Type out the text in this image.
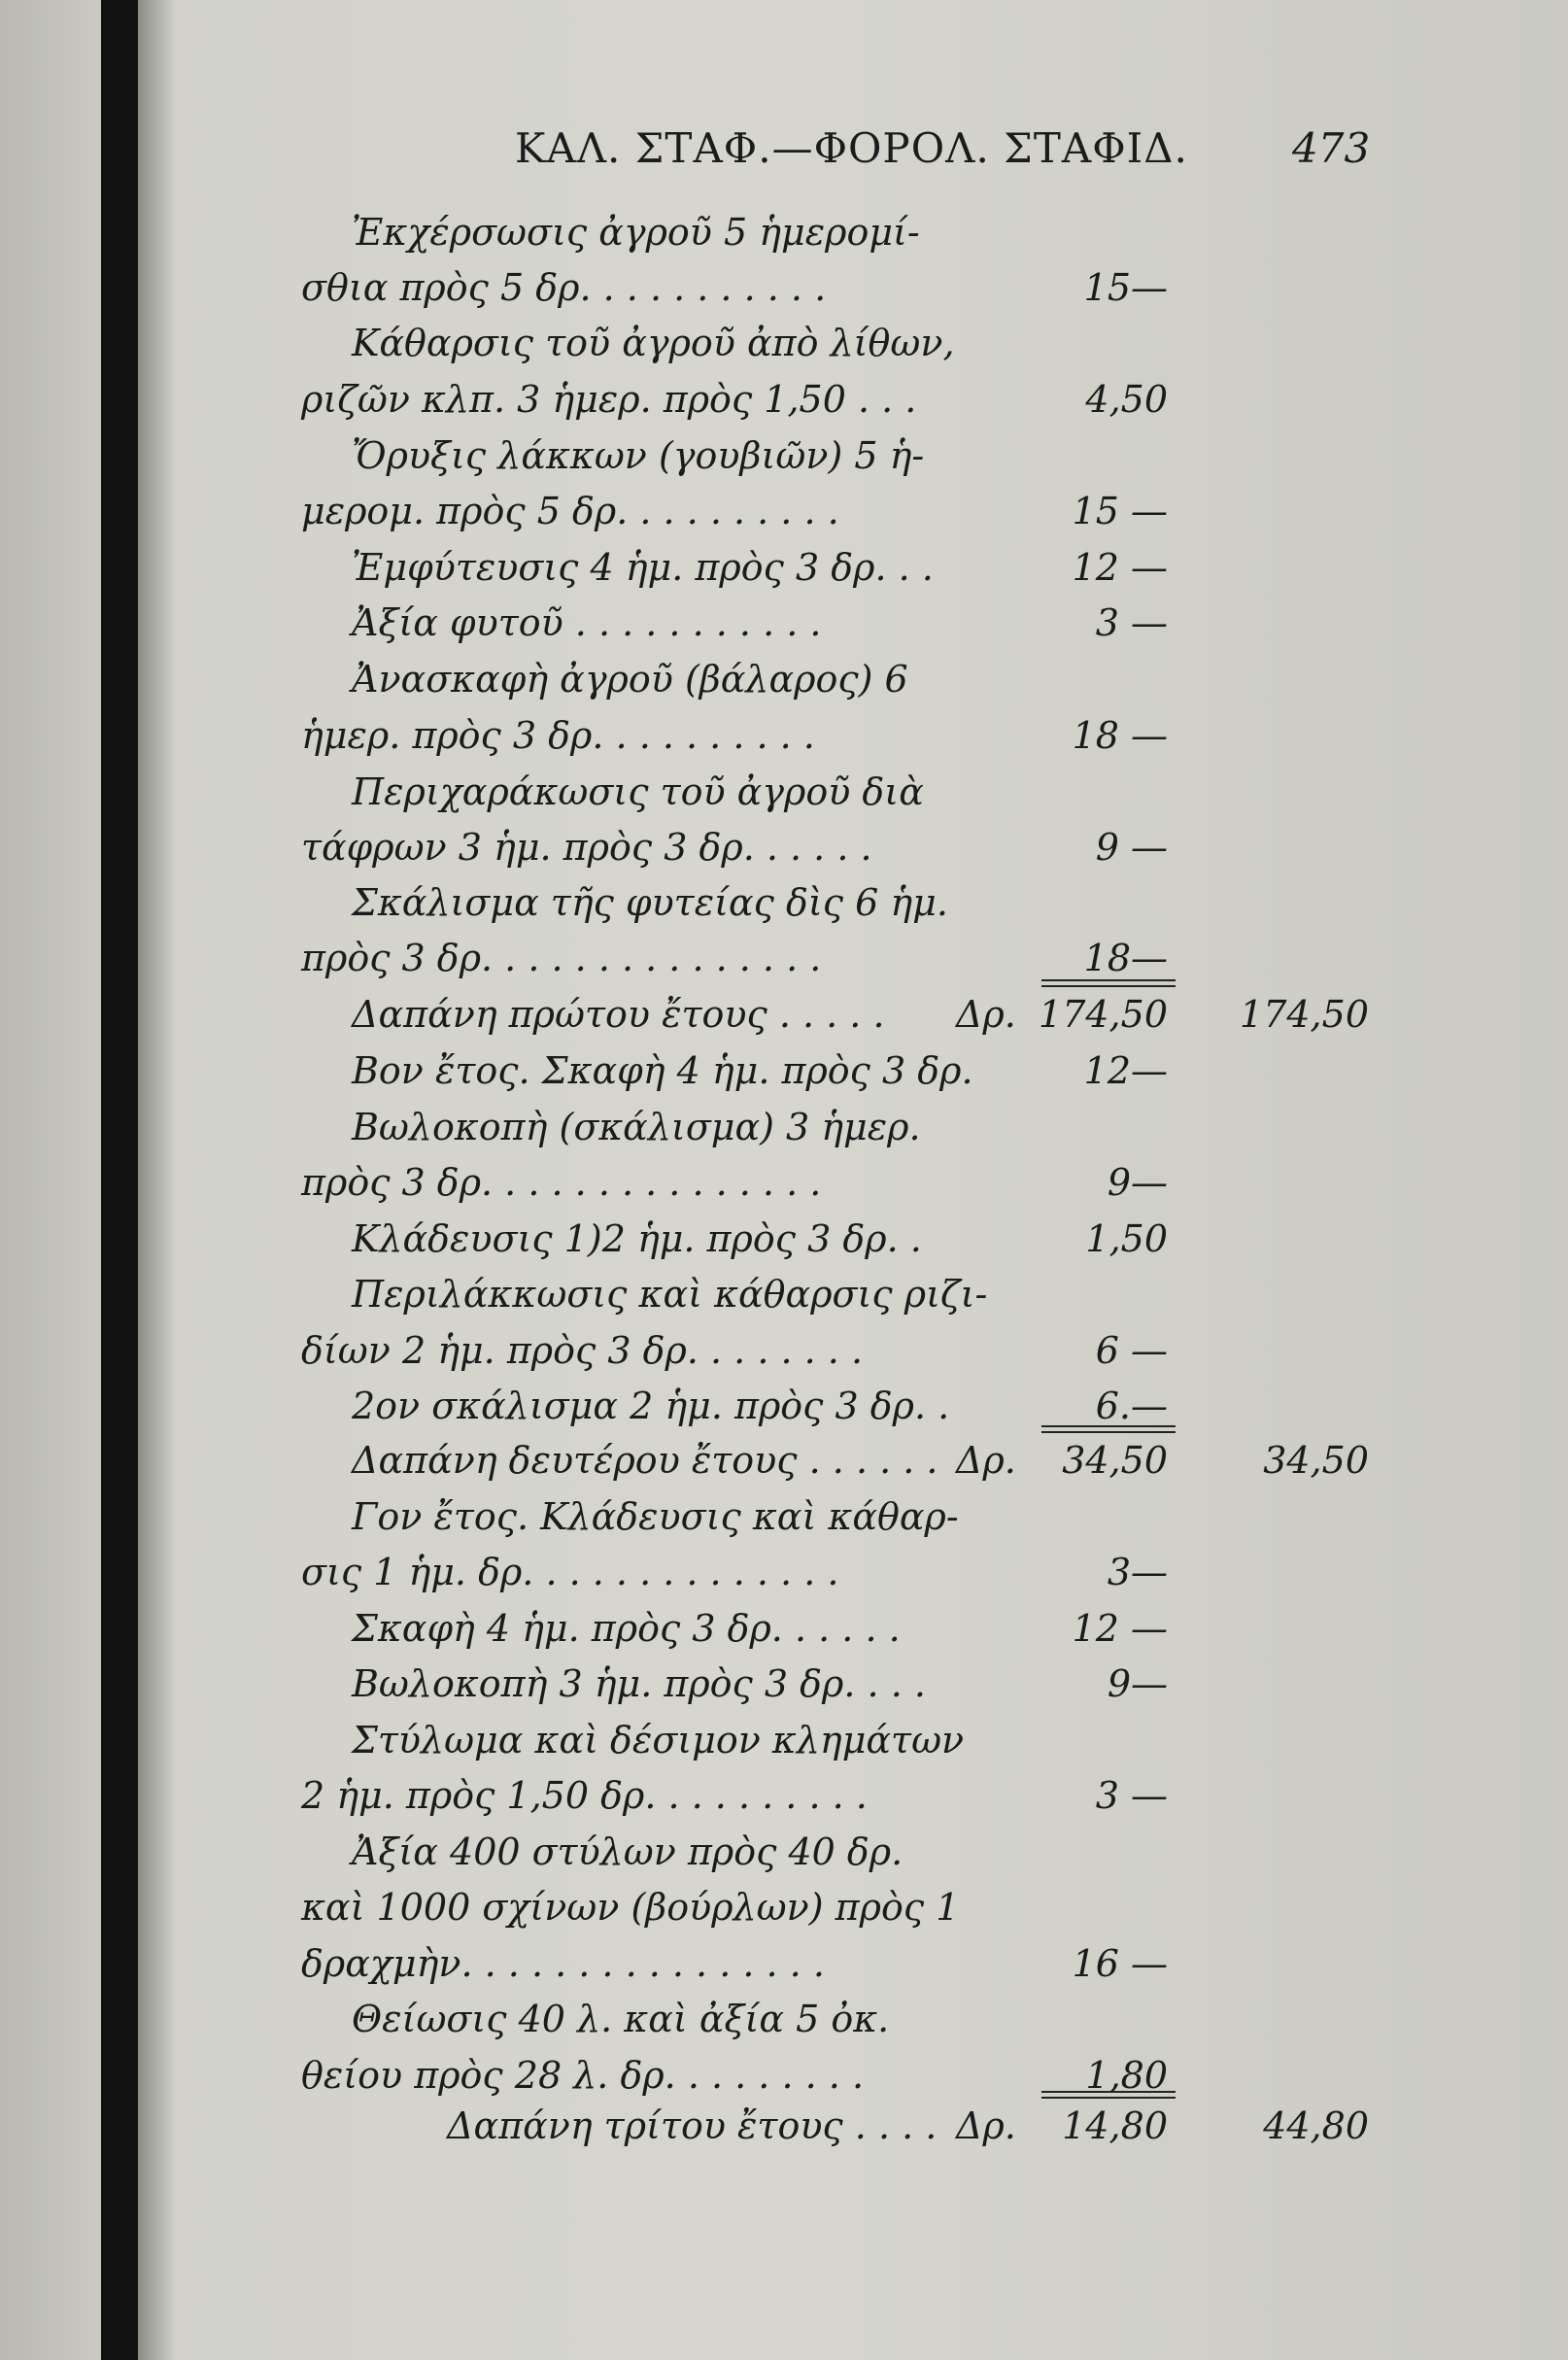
ΚΑΛ. ΣΤΑΦ.—ΦΟΡΟΛ. ΣΤΑΦΙΔ.	473
Ἐκχέρσωσις ἀγροῦ 5 ἡμερομί-
σθια πρὸς 5 δρ. . . . . . . . . . .	15—
Κάθαρσις τοῦ ἀγροῦ ἀπὸ λίθων,
ριζῶν κλπ. 3 ἡμερ. πρὸς 1,50 . . .	4,50
Ὄρυξις λάκκων (γουβιῶν) 5 ἡ-
μερομ. πρὸς 5 δρ. . . . . . . . . .	15 —
Ἐμφύτευσις 4 ἡμ. πρὸς 3 δρ. . .	12 —
Ἀξία φυτοῦ . . . . . . . . . . .	3 —
Ἀνασκαφὴ ἀγροῦ (βάλαρος) 6
ἡμερ. πρὸς 3 δρ. . . . . . . . . .	18 —
Περιχαράκωσις τοῦ ἀγροῦ διὰ
τάφρων 3 ἡμ. πρὸς 3 δρ. . . . . .	9 —
Σκάλισμα τῆς φυτείας δὶς 6 ἡμ.
πρὸς 3 δρ. . . . . . . . . . . . . . .	18—
Δαπάνη πρώτου ἔτους . . . . . Δρ. 174,50 174,50
Βον ἔτος. Σκαφὴ 4 ἡμ. πρὸς 3 δρ.	12—
Βωλοκοπὴ (σκάλισμα) 3 ἡμερ.
πρὸς 3 δρ. . . . . . . . . . . . . . .	9—
Κλάδευσις 1)2 ἡμ. πρὸς 3 δρ. .	1,50
Περιλάκκωσις καὶ κάθαρσις ριζι-
δίων 2 ἡμ. πρὸς 3 δρ. . . . . . . .	6 —
2ον σκάλισμα 2 ἡμ. πρὸς 3 δρ. .	6.—
Δαπάνη δευτέρου ἔτους . . . . . . Δρ. 34,50	34,50
Γον ἔτος. Κλάδευσις καὶ κάθαρ-
σις 1 ἡμ. δρ. . . . . . . . . . . . . .	3—
Σκαφὴ 4 ἡμ. πρὸς 3 δρ. . . . . .	12 —
Βωλοκοπὴ 3 ἡμ. πρὸς 3 δρ. . . .	9—
Στύλωμα καὶ δέσιμον κλημάτων
2 ἡμ. πρὸς 1,50 δρ. . . . . . . . . .	3 —
Ἀξία 400 στύλων πρὸς 40 δρ.
καὶ 1000 σχίνων (βούρλων) πρὸς 1
δραχμὴν. . . . . . . . . . . . . . . .	16 —
Θείωσις 40 λ. καὶ ἀξία 5 ὀκ.
θείου πρὸς 28 λ. δρ. . . . . . . . .	1,80
Δαπάνη τρίτου ἔτους . . . . Δρ. 14,80	44,80
